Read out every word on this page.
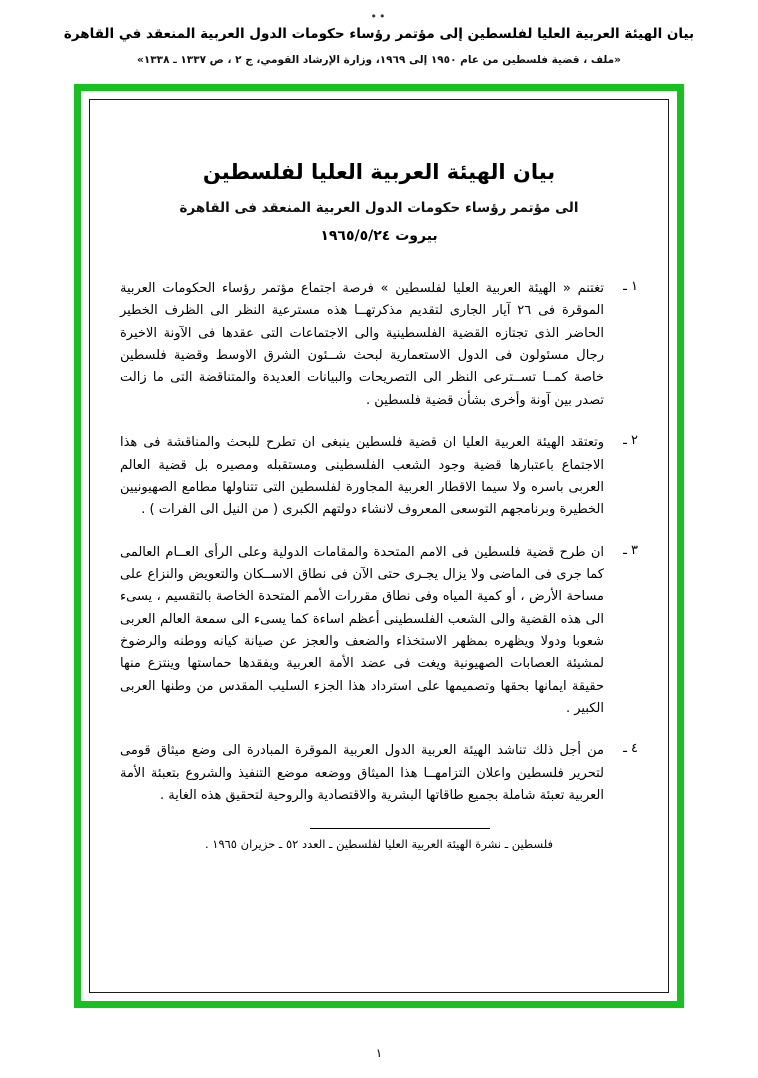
••
بيان الهيئة العربية العليا لفلسطين إلى مؤتمر رؤساء حكومات الدول العربية المنعقد في القاهرة
«ملف ، قضية فلسطين من عام ١٩٥٠ إلى ١٩٦٩، وزارة الإرشاد القومي، ج ٢ ، ص ١٣٣٧ ـ ١٣٣٨»
بيان الهيئة العربية العليا لفلسطين
الى مؤتمر رؤساء حكومات الدول العربية المنعقد فى القاهرة
بيروت ١٩٦٥/٥/٢٤
١ ـ
تغتنم « الهيئة العربية العليا لفلسطين » فرصة اجتماع مؤتمر رؤساء الحكومات العربية الموقرة فى ٢٦ آيار الجارى لتقديم مذكرتهــا هذه مسترعية النظر الى الظرف الخطير الحاضر الذى تجتازه القضية الفلسطينية والى الاجتماعات التى عقدها فى الآونة الاخيرة رجال مسئولون فى الدول الاستعمارية لبحث شــئون الشرق الاوسط وقضية فلسطين خاصة كمــا تســترعى النظر الى التصريحات والبيانات العديدة والمتناقضة التى ما زالت تصدر بين آونة وأخرى بشأن قضية فلسطين .
٢ ـ
وتعتقد الهيئة العربية العليا ان قضية فلسطين ينبغى ان تطرح للبحث والمناقشة فى هذا الاجتماع باعتبارها قضية وجود الشعب الفلسطينى ومستقبله ومصيره بل قضية العالم العربى باسره ولا سيما الاقطار العربية المجاورة لفلسطين التى تتناولها مطامع الصهيونيين الخطيرة وبرنامجهم التوسعى المعروف لانشاء دولتهم الكبرى ( من النيل الى الفرات ) .
٣ ـ
ان طرح قضية فلسطين فى الامم المتحدة والمقامات الدولية وعلى الرأى العــام العالمى كما جرى فى الماضى ولا يزال يجـرى حتى الآن فى نطاق الاســكان والتعويض والنزاع على مساحة الأرض ، أو كمية المياه وفى نطاق مقررات الأمم المتحدة الخاصة بالتقسيم ، يسىء الى هذه القضية والى الشعب الفلسطينى أعظم اساءة كما يسىء الى سمعة العالم العربى شعوبا ودولا ويظهره بمظهر الاستخذاء والضعف والعجز عن صيانة كيانه ووطنه والرضوخ لمشيئة العصابات الصهيونية ويغت فى عضد الأمة العربية ويفقدها حماستها وينتزع منها حقيقة ايمانها بحقها وتصميمها على استرداد هذا الجزء السليب المقدس من وطنها العربى الكبير .
٤ ـ
من أجل ذلك تناشد الهيئة العربية الدول العربية الموقرة المبادرة الى وضع ميثاق قومى لتحرير فلسطين واعلان التزامهــا هذا الميثاق ووضعه موضع التنفيذ والشروع بتعبئة الأمة العربية تعبئة شاملة بجميع طاقاتها البشرية والاقتصادية والروحية لتحقيق هذه الغاية .
فلسطين ـ نشرة الهيئة العربية العليا لفلسطين ـ العدد ٥٢ ـ حزيران ١٩٦٥ .
١
